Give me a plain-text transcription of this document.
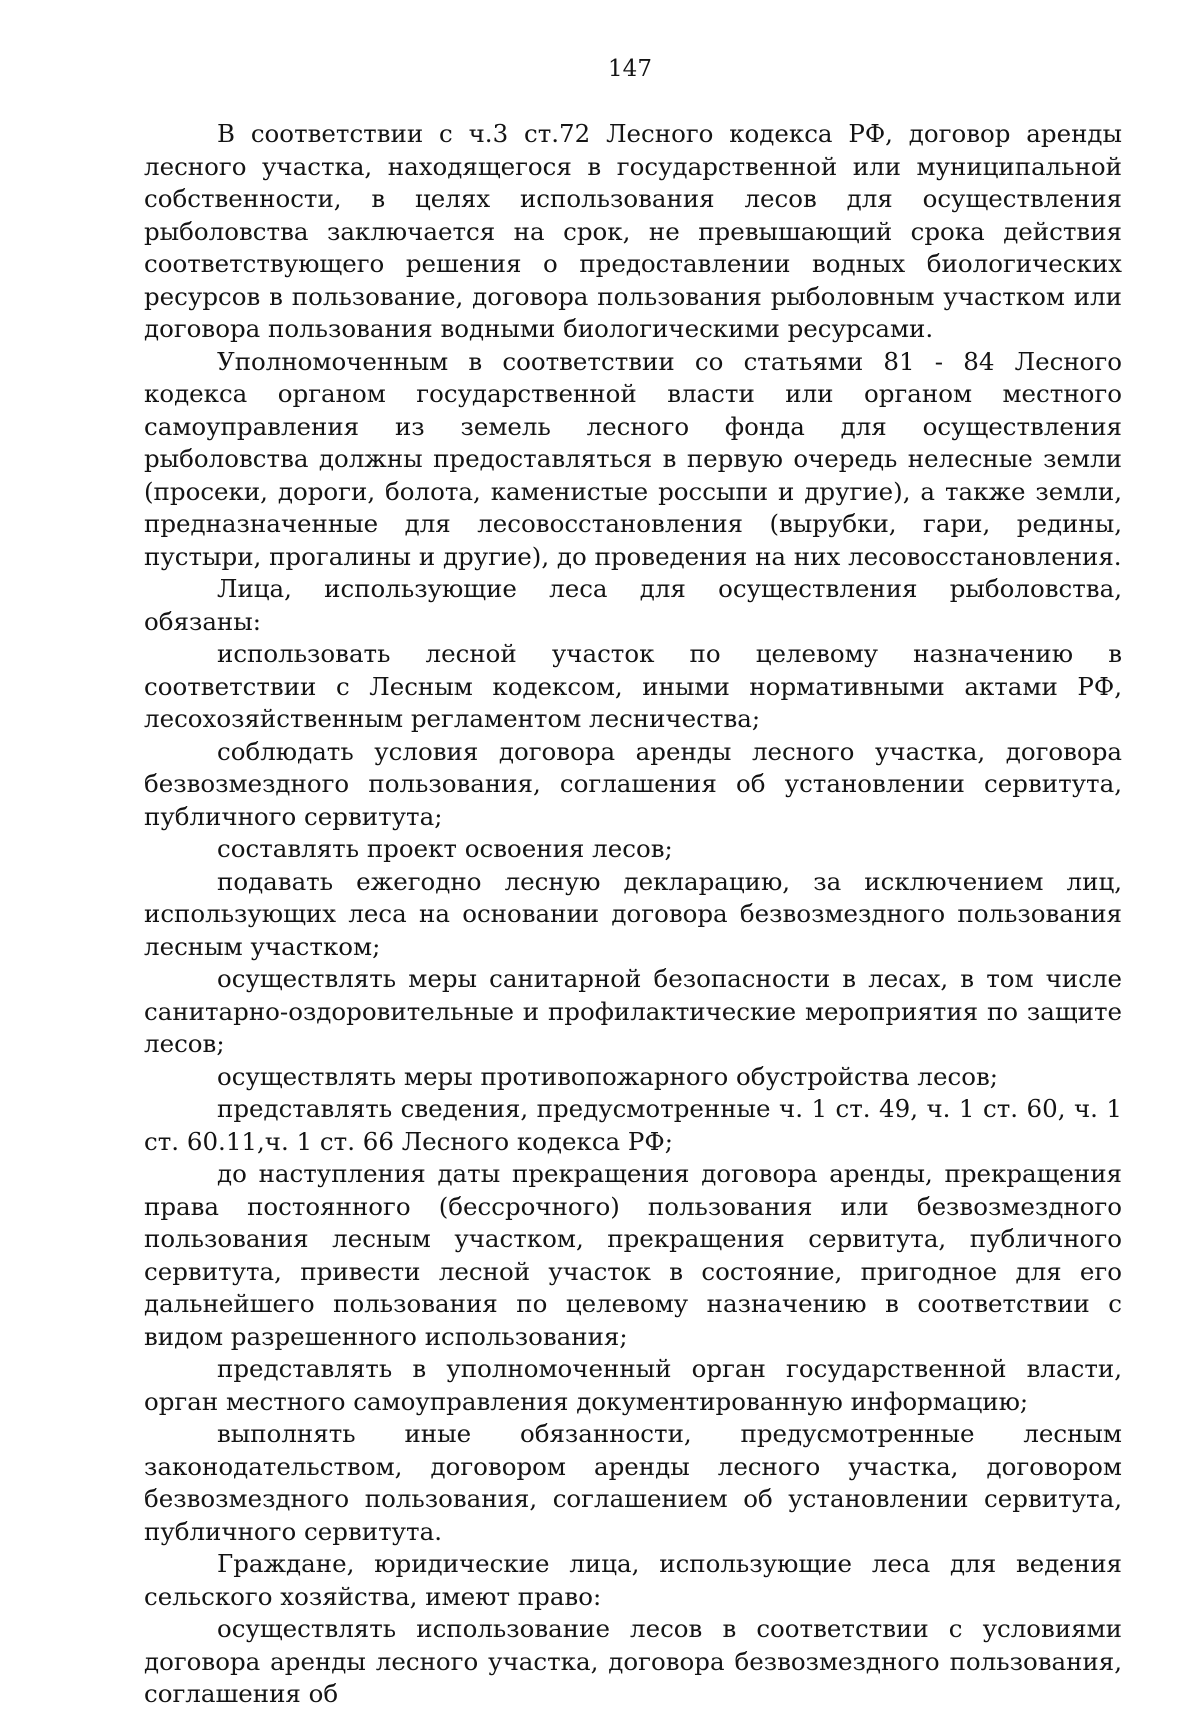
147

В соответствии с ч.3 ст.72 Лесного кодекса РФ, договор аренды лесного участка, находящегося в государственной или муниципальной собственности, в целях использования лесов для осуществления рыболовства заключается на срок, не превышающий срока действия соответствующего решения о предоставлении водных биологических ресурсов в пользование, договора пользования рыболовным участком или договора пользования водными биологическими ресурсами.

Уполномоченным в соответствии со статьями 81 - 84 Лесного кодекса органом государственной власти или органом местного самоуправления из земель лесного фонда для осуществления рыболовства должны предоставляться в первую очередь нелесные земли (просеки, дороги, болота, каменистые россыпи и другие), а также земли, предназначенные для лесовосстановления (вырубки, гари, редины, пустыри, прогалины и другие), до проведения на них лесовосстановления.

Лица, использующие леса для осуществления рыболовства, обязаны:

использовать лесной участок по целевому назначению в соответствии с Лесным кодексом, иными нормативными актами РФ, лесохозяйственным регламентом лесничества;

соблюдать условия договора аренды лесного участка, договора безвозмездного пользования, соглашения об установлении сервитута, публичного сервитута;

составлять проект освоения лесов;

подавать ежегодно лесную декларацию, за исключением лиц, использующих леса на основании договора безвозмездного пользования лесным участком;

осуществлять меры санитарной безопасности в лесах, в том числе санитарно-оздоровительные и профилактические мероприятия по защите лесов;

осуществлять меры противопожарного обустройства лесов;

представлять сведения, предусмотренные ч. 1 ст. 49, ч. 1 ст. 60, ч. 1 ст. 60.11,ч. 1 ст. 66 Лесного кодекса РФ;

до наступления даты прекращения договора аренды, прекращения права постоянного (бессрочного) пользования или безвозмездного пользования лесным участком, прекращения сервитута, публичного сервитута, привести лесной участок в состояние, пригодное для его дальнейшего пользования по целевому назначению в соответствии с видом разрешенного использования;

представлять в уполномоченный орган государственной власти, орган местного самоуправления документированную информацию;

выполнять иные обязанности, предусмотренные лесным законодательством, договором аренды лесного участка, договором безвозмездного пользования, соглашением об установлении сервитута, публичного сервитута.

Граждане, юридические лица, использующие леса для ведения сельского хозяйства, имеют право:

осуществлять использование лесов в соответствии с условиями договора аренды лесного участка, договора безвозмездного пользования, соглашения об
